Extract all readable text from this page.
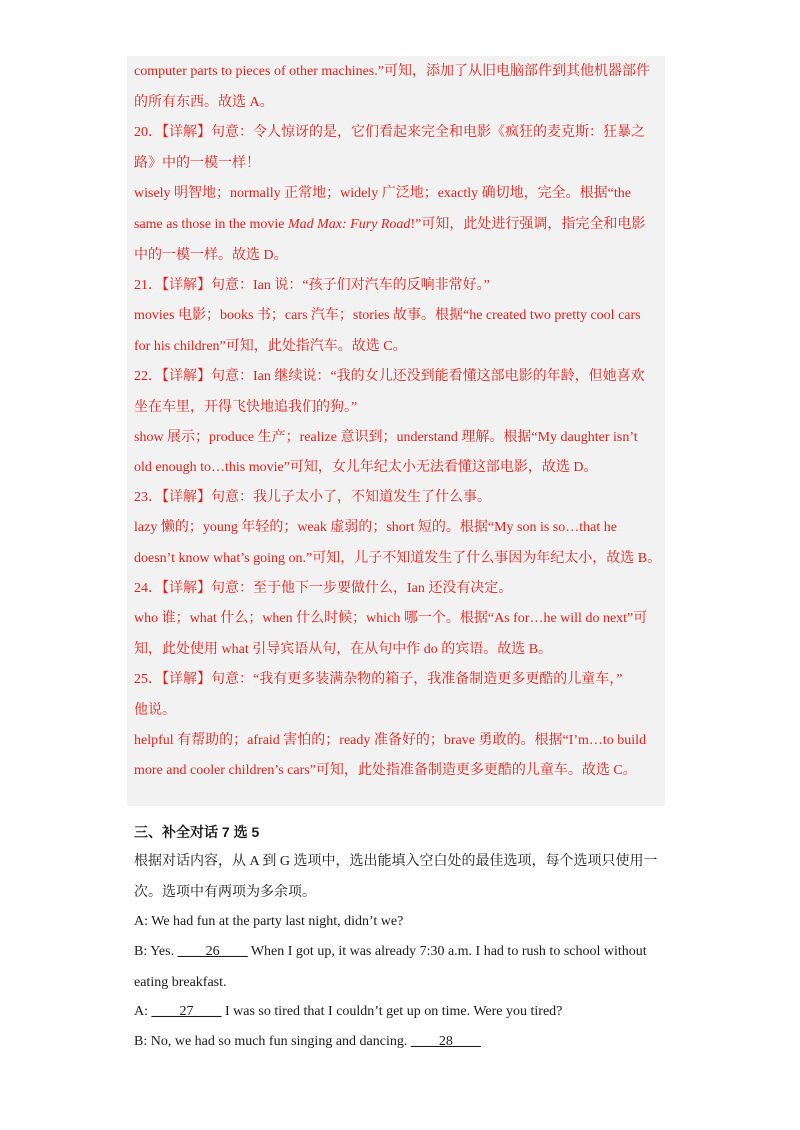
computer parts to pieces of other machines.”可知，添加了从旧电脑部件到其他机器部件
的所有东西。故选 A。
20．【详解】句意：令人惊讶的是，它们看起来完全和电影《疯狂的麦克斯：狂暴之
路》中的一模一样！
wisely 明智地；normally 正常地；widely 广泛地；exactly 确切地，完全。根据“the
same as those in the movie Mad Max: Fury Road!”可知，此处进行强调，指完全和电影
中的一模一样。故选 D。
21．【详解】句意：Ian 说：“孩子们对汽车的反响非常好。”
movies 电影；books 书；cars 汽车；stories 故事。根据“he created two pretty cool cars
for his children”可知，此处指汽车。故选 C。
22．【详解】句意：Ian 继续说：“我的女儿还没到能看懂这部电影的年龄，但她喜欢
坐在车里，开得飞快地追我们的狗。”
show 展示；produce 生产；realize 意识到；understand 理解。根据“My daughter isn’t
old enough to…this movie”可知，女儿年纪太小无法看懂这部电影，故选 D。
23．【详解】句意：我儿子太小了，不知道发生了什么事。
lazy 懒的；young 年轻的；weak 虚弱的；short 短的。根据“My son is so…that he
doesn’t know what’s going on.”可知，儿子不知道发生了什么事因为年纪太小，故选 B。
24．【详解】句意：至于他下一步要做什么，Ian 还没有决定。
who 谁；what 什么；when 什么时候；which 哪一个。根据“As for…he will do next”可
知，此处使用 what 引导宾语从句，在从句中作 do 的宾语。故选 B。
25．【详解】句意：“我有更多装满杂物的箱子，我准备制造更多更酷的儿童车，”
他说。
helpful 有帮助的；afraid 害怕的；ready 准备好的；brave 勇敢的。根据“I’m…to build
more and cooler children’s cars”可知，此处指准备制造更多更酷的儿童车。故选 C。
三、补全对话 7 选 5
根据对话内容，从 A 到 G 选项中，选出能填入空白处的最佳选项，每个选项只使用一
次。选项中有两项为多余项。
A: We had fun at the party last night, didn’t we?
B: Yes. ____26____ When I got up, it was already 7:30 a.m. I had to rush to school without
eating breakfast.
A: ____27____ I was so tired that I couldn’t get up on time. Were you tired?
B: No, we had so much fun singing and dancing. ____28____
